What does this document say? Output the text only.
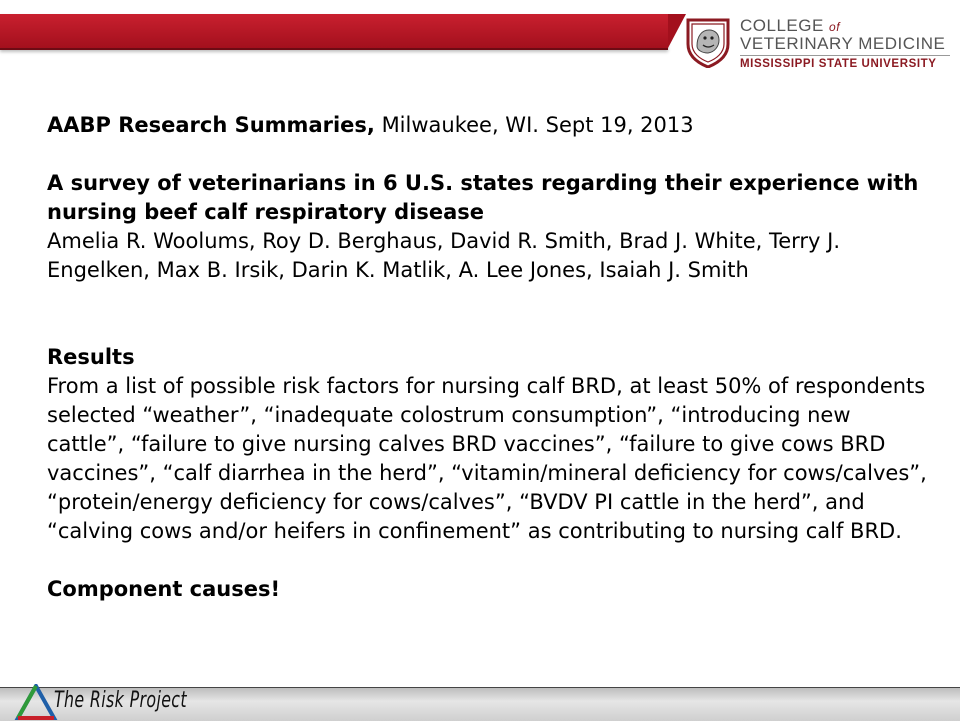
COLLEGE of
VETERINARY MEDICINE
MISSISSIPPI STATE UNIVERSITY

AABP Research Summaries, Milwaukee, WI. Sept 19, 2013

A survey of veterinarians in 6 U.S. states regarding their experience with nursing beef calf respiratory disease

Amelia R. Woolums, Roy D. Berghaus, David R. Smith, Brad J. White, Terry J. Engelken, Max B. Irsik, Darin K. Matlik, A. Lee Jones, Isaiah J. Smith

Results

From a list of possible risk factors for nursing calf BRD, at least 50% of respondents selected “weather”, “inadequate colostrum consumption”, “introducing new cattle”, “failure to give nursing calves BRD vaccines”, “failure to give cows BRD vaccines”, “calf diarrhea in the herd”, “vitamin/mineral deficiency for cows/calves”, “protein/energy deficiency for cows/calves”, “BVDV PI cattle in the herd”, and “calving cows and/or heifers in confinement” as contributing to nursing calf BRD.

Component causes!

The Risk Project
